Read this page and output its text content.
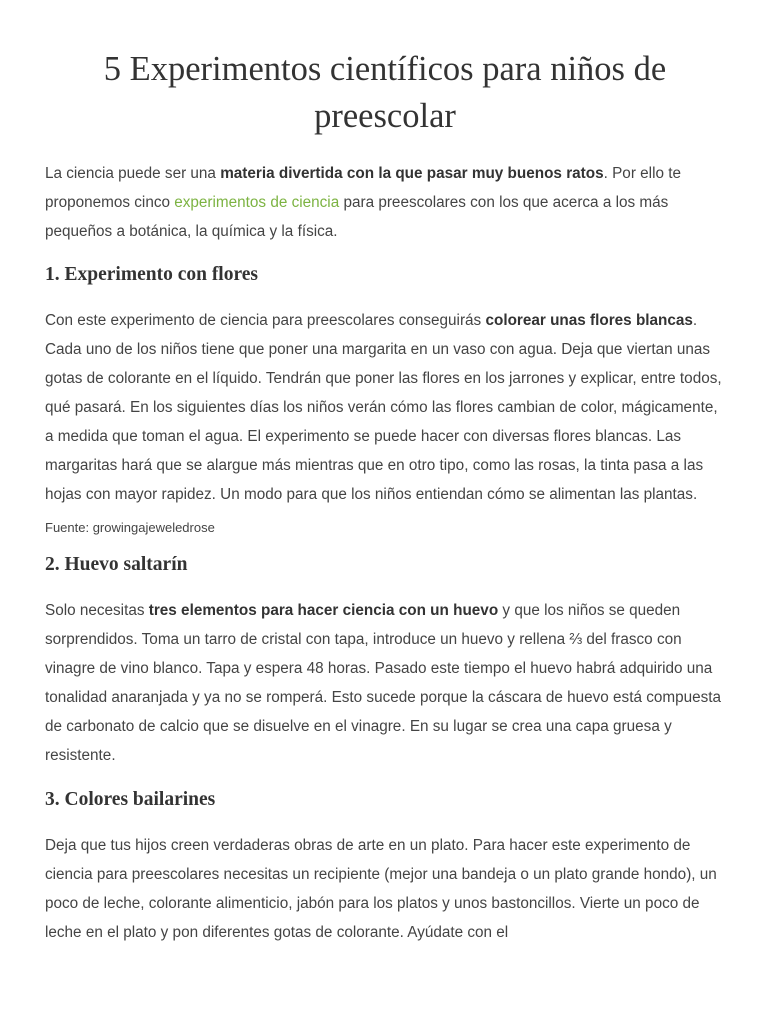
5 Experimentos científicos para niños de preescolar

La ciencia puede ser una materia divertida con la que pasar muy buenos ratos. Por ello te proponemos cinco experimentos de ciencia para preescolares con los que acerca a los más pequeños a botánica, la química y la física.

1. Experimento con flores

Con este experimento de ciencia para preescolares conseguirás colorear unas flores blancas. Cada uno de los niños tiene que poner una margarita en un vaso con agua. Deja que viertan unas gotas de colorante en el líquido. Tendrán que poner las flores en los jarrones y explicar, entre todos, qué pasará. En los siguientes días los niños verán cómo las flores cambian de color, mágicamente, a medida que toman el agua. El experimento se puede hacer con diversas flores blancas. Las margaritas hará que se alargue más mientras que en otro tipo, como las rosas, la tinta pasa a las hojas con mayor rapidez. Un modo para que los niños entiendan cómo se alimentan las plantas.

Fuente: growingajeweledrose
2. Huevo saltarín

Solo necesitas tres elementos para hacer ciencia con un huevo y que los niños se queden sorprendidos. Toma un tarro de cristal con tapa, introduce un huevo y rellena ⅔ del frasco con vinagre de vino blanco. Tapa y espera 48 horas. Pasado este tiempo el huevo habrá adquirido una tonalidad anaranjada y ya no se romperá. Esto sucede porque la cáscara de huevo está compuesta de carbonato de calcio que se disuelve en el vinagre. En su lugar se crea una capa gruesa y resistente.

3. Colores bailarines

Deja que tus hijos creen verdaderas obras de arte en un plato. Para hacer este experimento de ciencia para preescolares necesitas un recipiente (mejor una bandeja o un plato grande hondo), un poco de leche, colorante alimenticio, jabón para los platos y unos bastoncillos. Vierte un poco de leche en el plato y pon diferentes gotas de colorante. Ayúdate con el
